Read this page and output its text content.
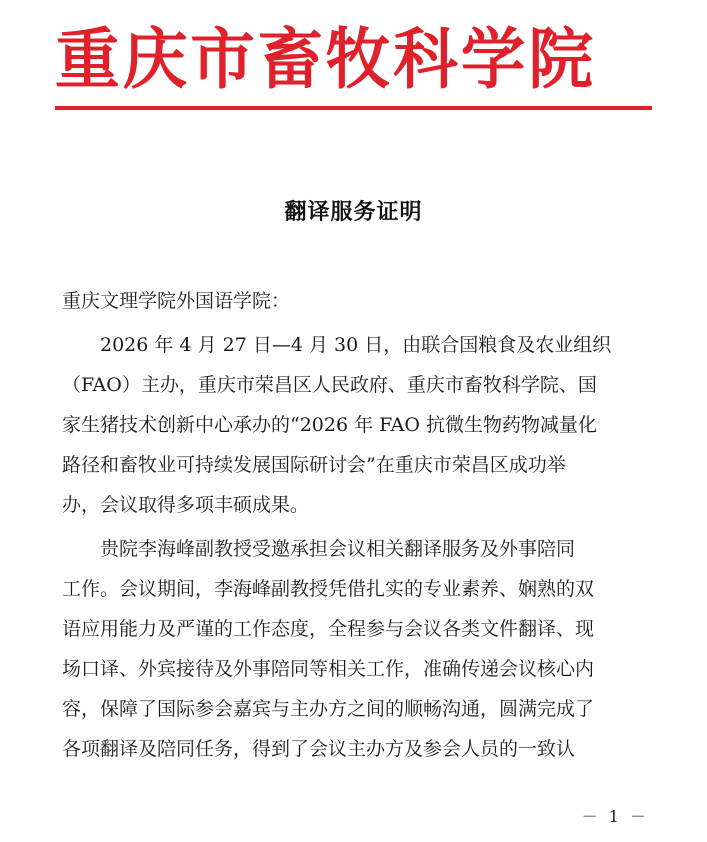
重庆市畜牧科学院
翻译服务证明
重庆文理学院外国语学院：
2026 年 4 月 27 日—4 月 30 日，由联合国粮食及农业组织
（FAO）主办，重庆市荣昌区人民政府、重庆市畜牧科学院、国
家生猪技术创新中心承办的“2026 年 FAO 抗微生物药物减量化
路径和畜牧业可持续发展国际研讨会”在重庆市荣昌区成功举
办，会议取得多项丰硕成果。
贵院李海峰副教授受邀承担会议相关翻译服务及外事陪同
工作。会议期间，李海峰副教授凭借扎实的专业素养、娴熟的双
语应用能力及严谨的工作态度，全程参与会议各类文件翻译、现
场口译、外宾接待及外事陪同等相关工作，准确传递会议核心内
容，保障了国际参会嘉宾与主办方之间的顺畅沟通，圆满完成了
各项翻译及陪同任务，得到了会议主办方及参会人员的一致认
－ 1 －
